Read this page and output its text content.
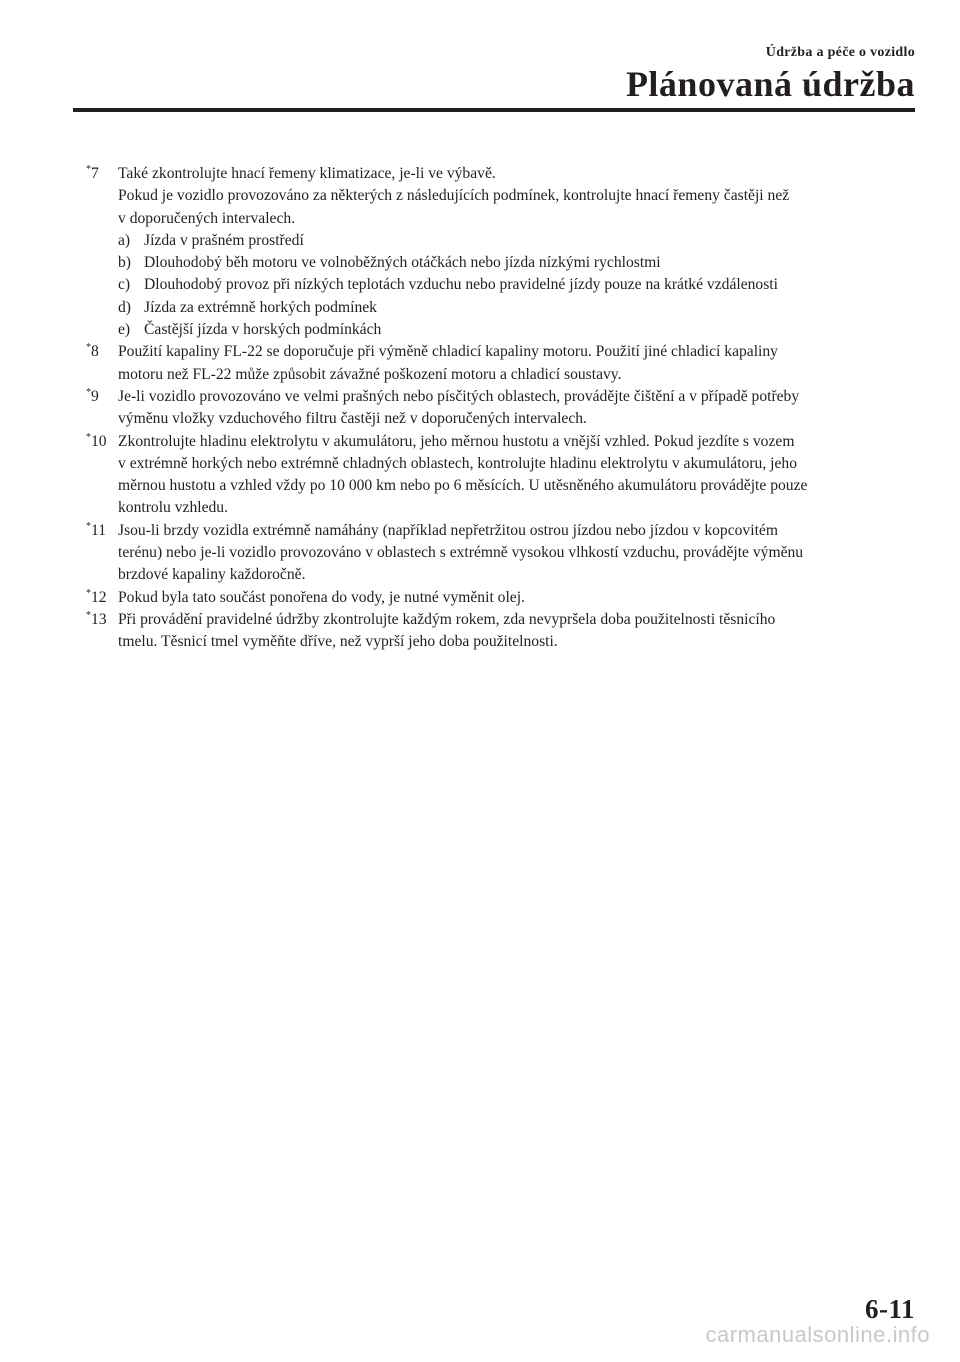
Údržba a péče o vozidlo
Plánovaná údržba
*7 Také zkontrolujte hnací řemeny klimatizace, je-li ve výbavě.
Pokud je vozidlo provozováno za některých z následujících podmínek, kontrolujte hnací řemeny častěji než
v doporučených intervalech.
a) Jízda v prašném prostředí
b) Dlouhodobý běh motoru ve volnoběžných otáčkách nebo jízda nízkými rychlostmi
c) Dlouhodobý provoz při nízkých teplotách vzduchu nebo pravidelné jízdy pouze na krátké vzdálenosti
d) Jízda za extrémně horkých podmínek
e) Častější jízda v horských podmínkách
*8 Použití kapaliny FL-22 se doporučuje při výměně chladicí kapaliny motoru. Použití jiné chladicí kapaliny
motoru než FL-22 může způsobit závažné poškození motoru a chladicí soustavy.
*9 Je-li vozidlo provozováno ve velmi prašných nebo písčitých oblastech, provádějte čištění a v případě potřeby
výměnu vložky vzduchového filtru častěji než v doporučených intervalech.
*10 Zkontrolujte hladinu elektrolytu v akumulátoru, jeho měrnou hustotu a vnější vzhled. Pokud jezdíte s vozem
v extrémně horkých nebo extrémně chladných oblastech, kontrolujte hladinu elektrolytu v akumulátoru, jeho
měrnou hustotu a vzhled vždy po 10 000 km nebo po 6 měsících. U utěsněného akumulátoru provádějte pouze
kontrolu vzhledu.
*11 Jsou-li brzdy vozidla extrémně namáhány (například nepřetržitou ostrou jízdou nebo jízdou v kopcovitém
terénu) nebo je-li vozidlo provozováno v oblastech s extrémně vysokou vlhkostí vzduchu, provádějte výměnu
brzdové kapaliny každoročně.
*12 Pokud byla tato součást ponořena do vody, je nutné vyměnit olej.
*13 Při provádění pravidelné údržby zkontrolujte každým rokem, zda nevypršela doba použitelnosti těsnicího
tmelu. Těsnicí tmel vyměňte dříve, než vyprší jeho doba použitelnosti.
6-11
carmanualsonline.info
